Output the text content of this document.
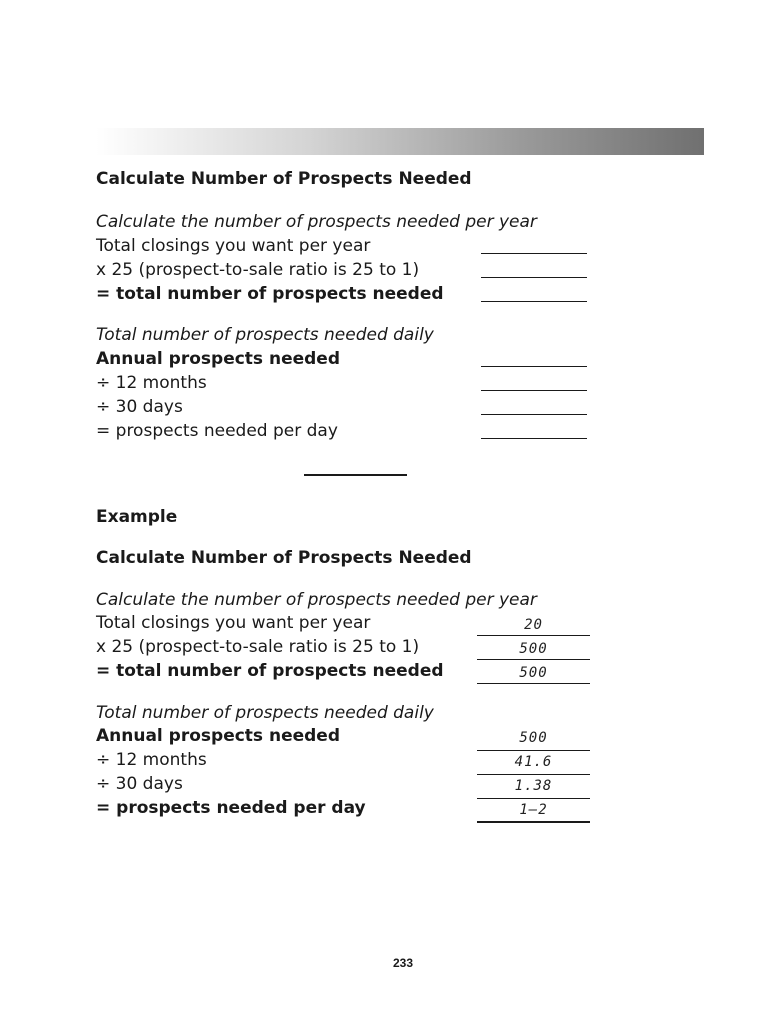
Calculate Number of Prospects Needed
Calculate the number of prospects needed per year
Total closings you want per year
x 25 (prospect-to-sale ratio is 25 to 1)
= total number of prospects needed
Total number of prospects needed daily
Annual prospects needed
÷ 12 months
÷ 30 days
= prospects needed per day
Example
Calculate Number of Prospects Needed
Calculate the number of prospects needed per year
Total closings you want per year	20
x 25 (prospect-to-sale ratio is 25 to 1)	500
= total number of prospects needed	500
Total number of prospects needed daily
Annual prospects needed	500
÷ 12 months	41.6
÷ 30 days	1.38
= prospects needed per day	1–2
233
